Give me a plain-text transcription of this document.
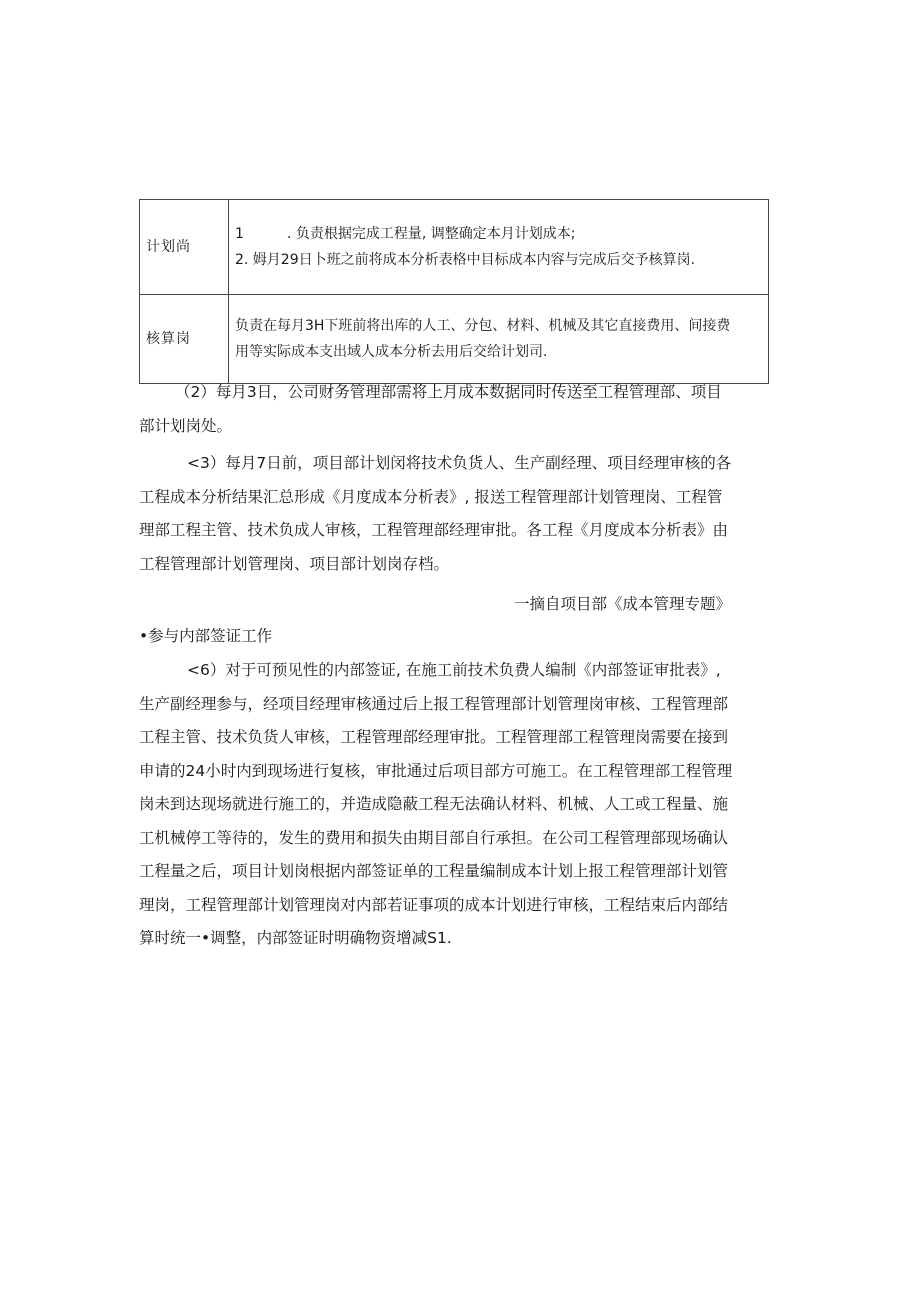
计划尚	1 . 负责根据完成工程量, 调整确定本月计划成本;
2. 姆月29日卜班之前将成本分析表格中目标成本内容与完成后交予核算岗.

核算岗	负责在每月3H下班前将出库的人工、分包、材料、机械及其它直接费用、间接费
用等实际成本支出域人成本分析去用后交给计划司.
（2）每月3日，公司财务管理部需将上月成本数据同时传送至工程管理部、项目
部计划岗处。
<3）每月7日前，项目部计划闵将技术负货人、生产副经理、项目经理审核的各
工程成本分析结果汇总形成《月度成本分析表》, 报送工程管理部计划管理岗、工程管
理部工程主管、技术负成人审核，工程管理部经理审批。各工程《月度成本分析表》由
工程管理部计划管理岗、项目部计划岗存档。
一摘自项目部《成本管理专题》
•参与内部签证工作
<6）对于可预见性的内部签证, 在施工前技术负费人编制《内部签证审批表》,
生产副经理参与，经项目经理审核通过后上报工程管理部计划管理岗审核、工程管理部
工程主管、技术负货人审核，工程管理部经理审批。工程管理部工程管理岗需要在接到
申请的24小时内到现场进行复核，审批通过后项目部方可施工。在工程管理部工程管理
岗未到达现场就进行施工的，并造成隐蔽工程无法确认材料、机械、人工或工程量、施
工机械停工等待的，发生的费用和损失由期目部自行承担。在公司工程管理部现场确认
工程量之后，项目计划岗根据内部签证单的工程量编制成本计划上报工程管理部计划管
理岗，工程管理部计划管理岗对内部若证事项的成本计划进行审核，工程结束后内部结
算时统一•调整，内部签证时明确物资增减S1.
